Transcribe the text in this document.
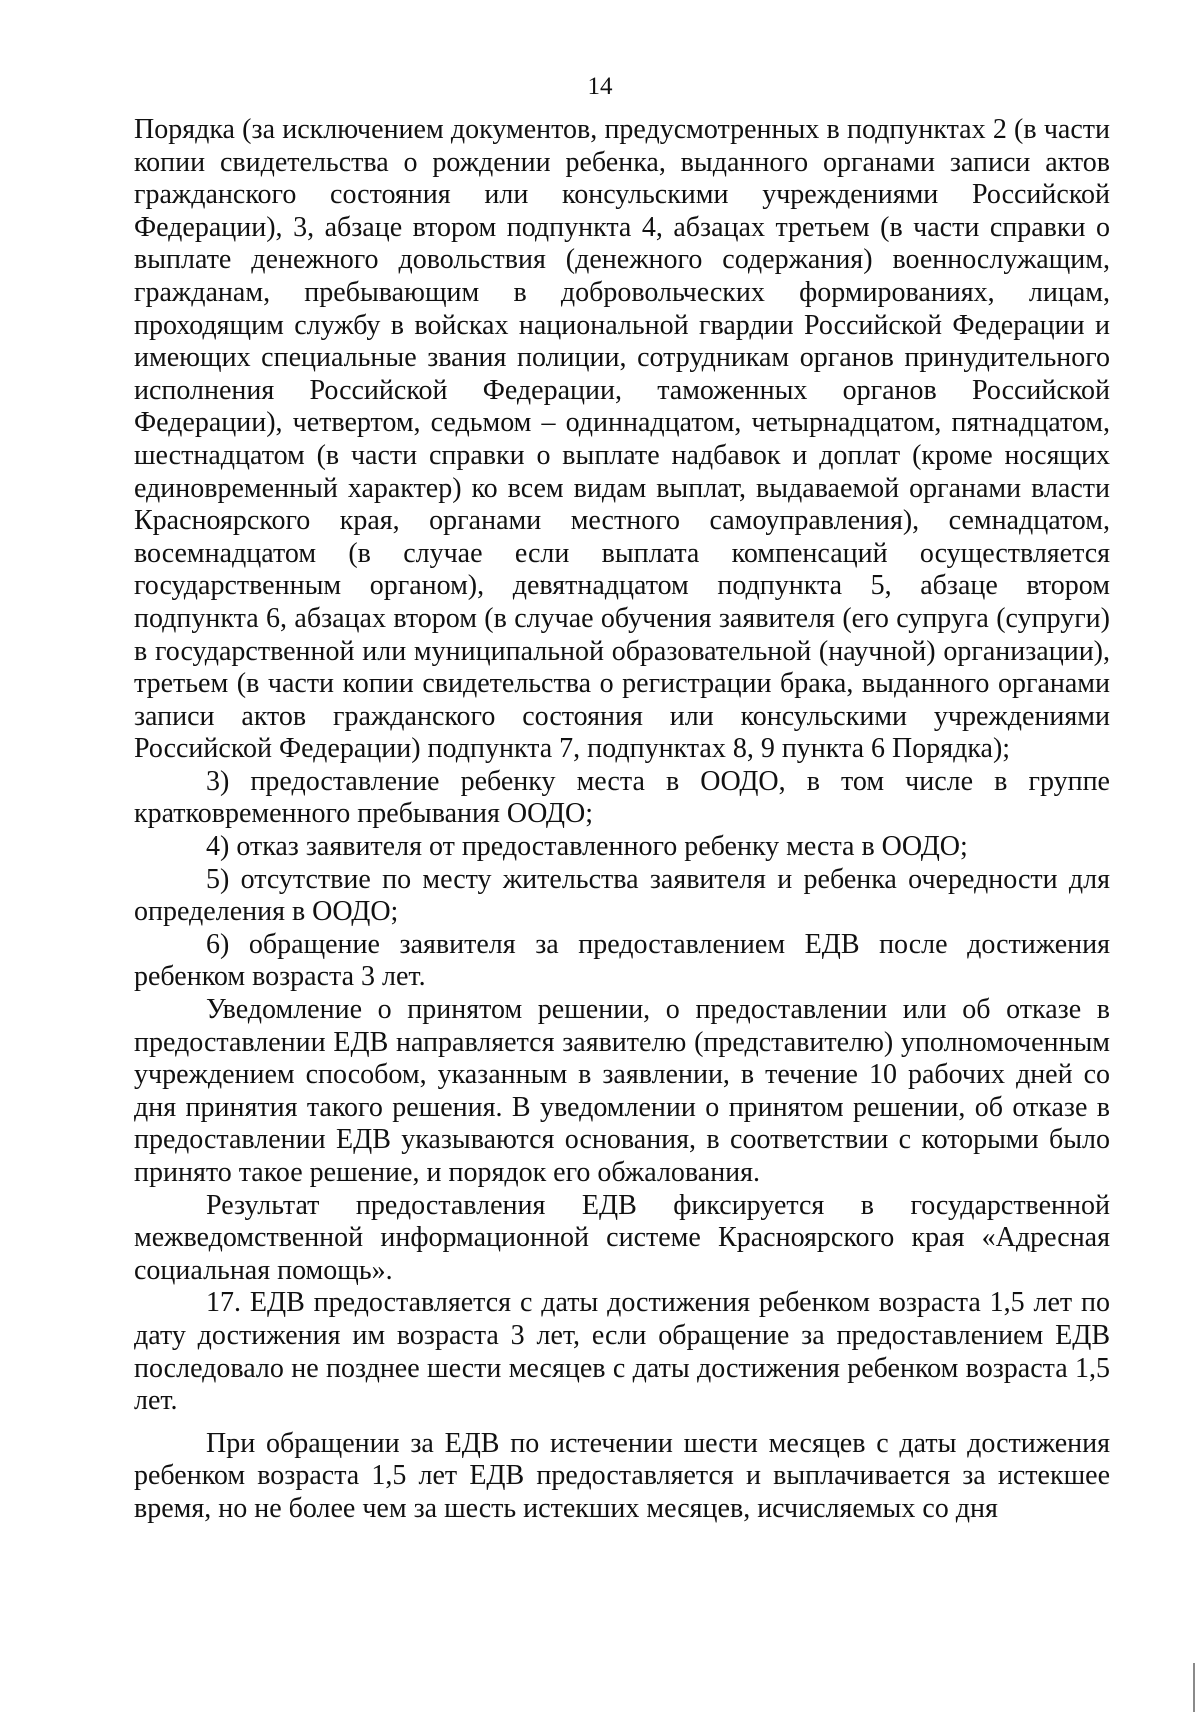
14

Порядка (за исключением документов, предусмотренных в подпунктах 2 (в части копии свидетельства о рождении ребенка, выданного органами записи актов гражданского состояния или консульскими учреждениями Российской Федерации), 3, абзаце втором подпункта 4, абзацах третьем (в части справки о выплате денежного довольствия (денежного содержания) военнослужащим, гражданам, пребывающим в добровольческих формированиях, лицам, проходящим службу в войсках национальной гвардии Российской Федерации и имеющих специальные звания полиции, сотрудникам органов принудительного исполнения Российской Федерации, таможенных органов Российской Федерации), четвертом, седьмом – одиннадцатом, четырнадцатом, пятнадцатом, шестнадцатом (в части справки о выплате надбавок и доплат (кроме носящих единовременный характер) ко всем видам выплат, выдаваемой органами власти Красноярского края, органами местного самоуправления), семнадцатом, восемнадцатом (в случае если выплата компенсаций осуществляется государственным органом), девятнадцатом подпункта 5, абзаце втором подпункта 6, абзацах втором (в случае обучения заявителя (его супруга (супруги) в государственной или муниципальной образовательной (научной) организации), третьем (в части копии свидетельства о регистрации брака, выданного органами записи актов гражданского состояния или консульскими учреждениями Российской Федерации) подпункта 7, подпунктах 8, 9 пункта 6 Порядка);

3) предоставление ребенку места в ООДО, в том числе в группе кратковременного пребывания ООДО;

4) отказ заявителя от предоставленного ребенку места в ООДО;

5) отсутствие по месту жительства заявителя и ребенка очередности для определения в ООДО;

6) обращение заявителя за предоставлением ЕДВ после достижения ребенком возраста 3 лет.

Уведомление о принятом решении, о предоставлении или об отказе в предоставлении ЕДВ направляется заявителю (представителю) уполномоченным учреждением способом, указанным в заявлении, в течение 10 рабочих дней со дня принятия такого решения. В уведомлении о принятом решении, об отказе в предоставлении ЕДВ указываются основания, в соответствии с которыми было принято такое решение, и порядок его обжалования.

Результат предоставления ЕДВ фиксируется в государственной межведомственной информационной системе Красноярского края «Адресная социальная помощь».

17. ЕДВ предоставляется с даты достижения ребенком возраста 1,5 лет по дату достижения им возраста 3 лет, если обращение за предоставлением ЕДВ последовало не позднее шести месяцев с даты достижения ребенком возраста 1,5 лет.

При обращении за ЕДВ по истечении шести месяцев с даты достижения ребенком возраста 1,5 лет ЕДВ предоставляется и выплачивается за истекшее время, но не более чем за шесть истекших месяцев, исчисляемых со дня
